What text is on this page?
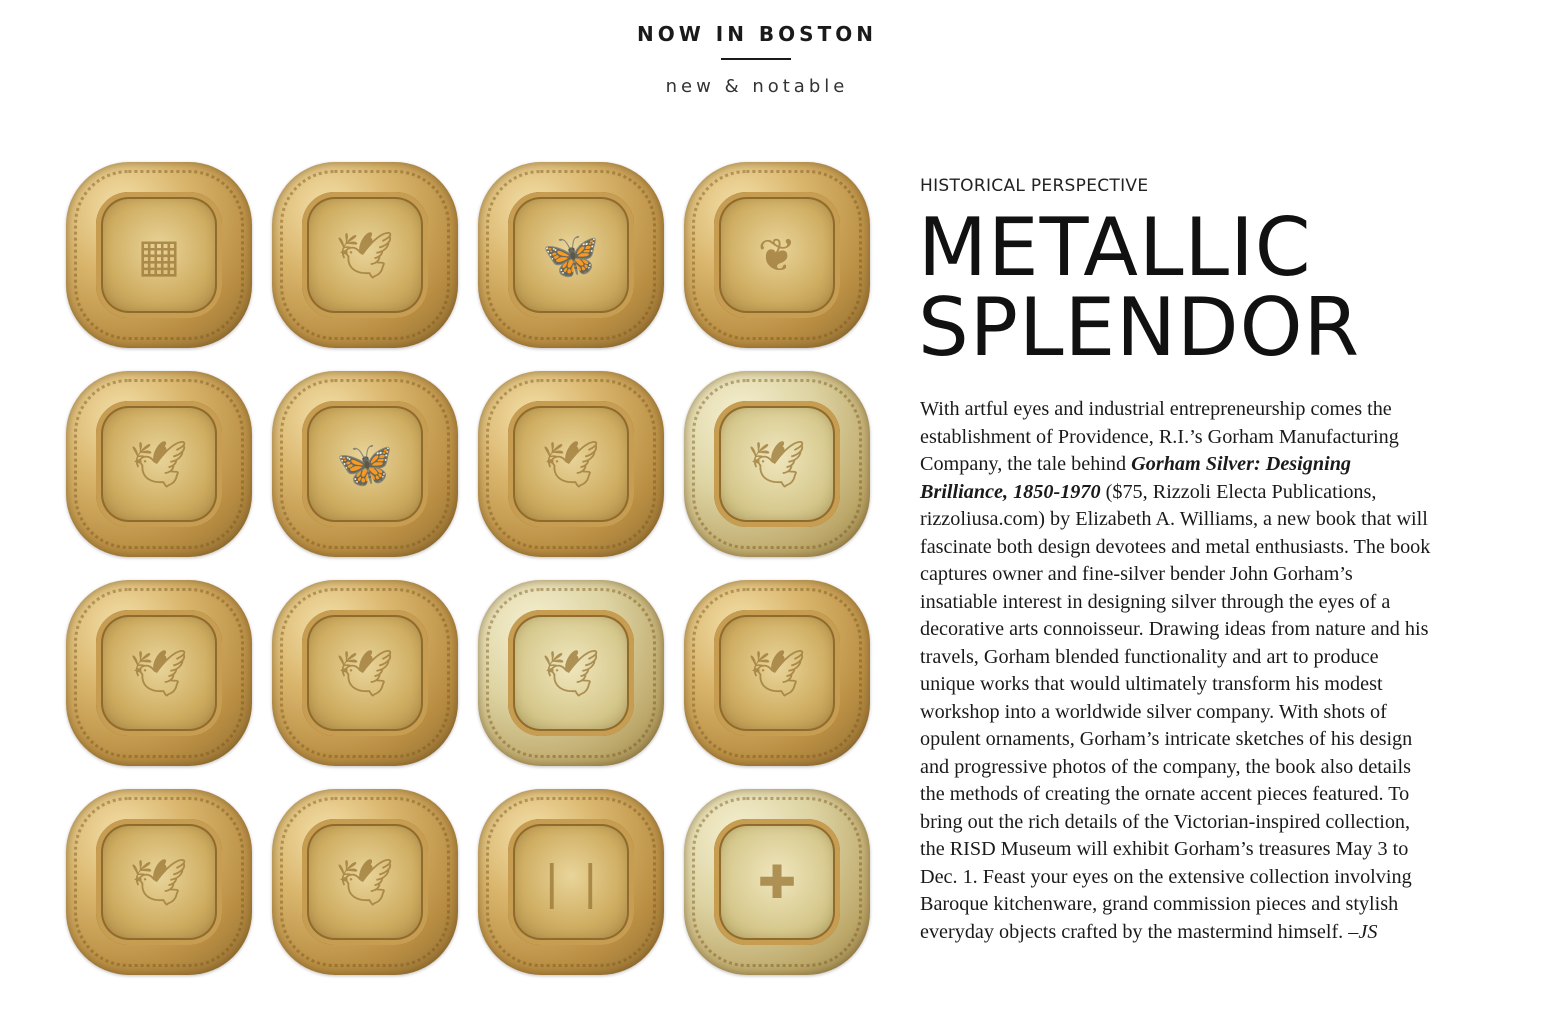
NOW IN BOSTON
new & notable
▦	🕊	🦋	❦
🕊	🦋	🕊	🕊
🕊	🕊	🕊	🕊
🕊	🕊	❘❘	✚
HISTORICAL PERSPECTIVE
METALLIC
SPLENDOR
With artful eyes and industrial entrepreneurship comes the establishment of Providence, R.I.’s Gorham Manufacturing Company, the tale behind Gorham Silver: Designing Brilliance, 1850-1970 ($75, Rizzoli Electa Publications, rizzoliusa.com) by Elizabeth A. Williams, a new book that will fascinate both design devotees and metal enthusiasts. The book captures owner and fine-silver bender John Gorham’s insatiable interest in designing silver through the eyes of a decorative arts connoisseur. Drawing ideas from nature and his travels, Gorham blended functionality and art to produce unique works that would ultimately transform his modest workshop into a worldwide silver company. With shots of opulent ornaments, Gorham’s intricate sketches of his design and progressive photos of the company, the book also details the methods of creating the ornate accent pieces featured. To bring out the rich details of the Victorian-inspired collection, the RISD Museum will exhibit Gorham’s treasures May 3 to Dec. 1. Feast your eyes on the extensive collection involving Baroque kitchenware, grand commission pieces and stylish everyday objects crafted by the mastermind himself. –JS
